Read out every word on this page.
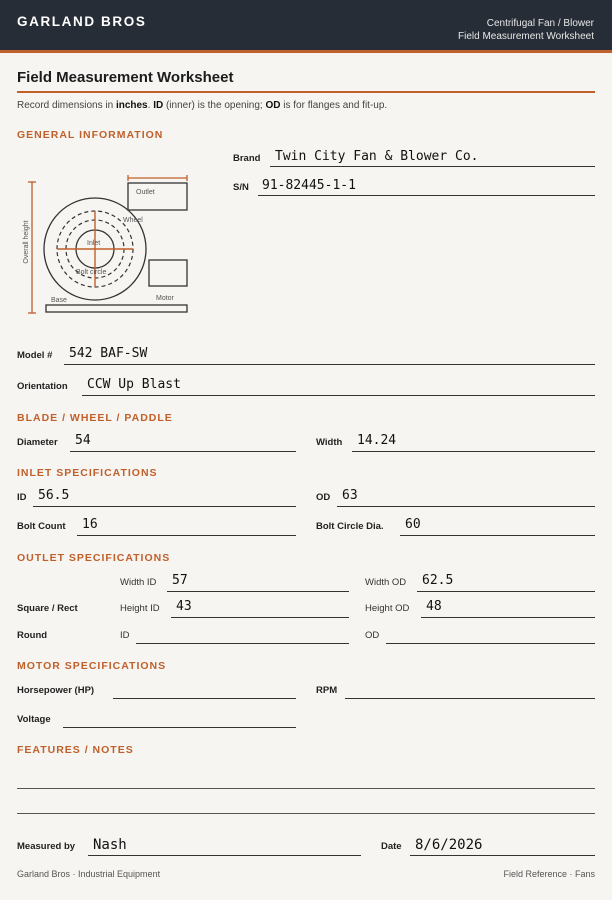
GARLAND BROS	Centrifugal Fan / Blower
Field Measurement Worksheet
Field Measurement Worksheet
Record dimensions in inches. ID (inner) is the opening; OD is for flanges and fit-up.
GENERAL INFORMATION
Overall height
Outlet
Wheel
Inlet
Bolt circle
Motor
Base
Brand Twin City Fan & Blower Co.
S/N 91-82445-1-1
Model # 542 BAF-SW
Orientation CCW Up Blast
BLADE / WHEEL / PADDLE
Diameter 54	Width 14.24
INLET SPECIFICATIONS
ID 56.5	OD 63
Bolt Count 16	Bolt Circle Dia. 60
OUTLET SPECIFICATIONS
Width ID 57	Width OD 62.5
Square / Rect	Height ID 43	Height OD 48
Round	ID	OD
MOTOR SPECIFICATIONS
Horsepower (HP)	RPM
Voltage
FEATURES / NOTES
Measured by Nash	Date 8/6/2026
Garland Bros · Industrial Equipment	Field Reference · Fans
